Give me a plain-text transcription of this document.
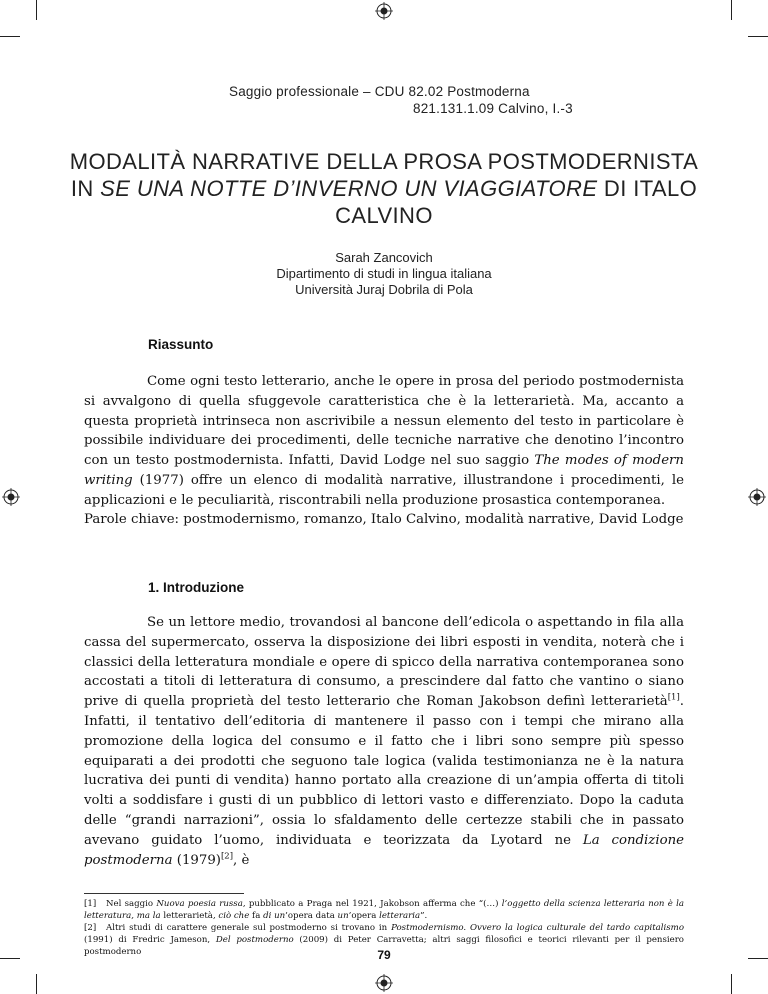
Saggio professionale – CDU 82.02 Postmoderna
821.131.1.09 Calvino, I.-3
MODALITÀ NARRATIVE DELLA PROSA POSTMODERNISTA IN SE UNA NOTTE D’INVERNO UN VIAGGIATORE DI ITALO CALVINO
Sarah Zancovich
Dipartimento di studi in lingua italiana
Università Juraj Dobrila di Pola
Riassunto

Come ogni testo letterario, anche le opere in prosa del periodo postmodernista si avvalgono di quella sfuggevole caratteristica che è la letterarietà. Ma, accanto a questa proprietà intrinseca non ascrivibile a nessun elemento del testo in particolare è possibile individuare dei procedimenti, delle tecniche narrative che denotino l’incontro con un testo postmodernista. Infatti, David Lodge nel suo saggio The modes of modern writing (1977) offre un elenco di modalità narrative, illustrandone i procedimenti, le applicazioni e le peculiarità, riscontrabili nella produzione prosastica contemporanea.

Parole chiave: postmodernismo, romanzo, Italo Calvino, modalità narrative, David Lodge

1. Introduzione

Se un lettore medio, trovandosi al bancone dell’edicola o aspettando in fila alla cassa del supermercato, osserva la disposizione dei libri esposti in vendita, noterà che i classici della letteratura mondiale e opere di spicco della narrativa contemporanea sono accostati a titoli di letteratura di consumo, a prescindere dal fatto che vantino o siano prive di quella proprietà del testo letterario che Roman Jakobson definì letterarietà[1]. Infatti, il tentativo dell’editoria di mantenere il passo con i tempi che mirano alla promozione della logica del consumo e il fatto che i libri sono sempre più spesso equiparati a dei prodotti che seguono tale logica (valida testimonianza ne è la natura lucrativa dei punti di vendita) hanno portato alla creazione di un’ampia offerta di titoli volti a soddisfare i gusti di un pubblico di lettori vasto e differenziato. Dopo la caduta delle “grandi narrazioni”, ossia lo sfaldamento delle certezze stabili che in passato avevano guidato l’uomo, individuata e teorizzata da Lyotard ne La condizione postmoderna (1979)[2], è

[1] Nel saggio Nuova poesia russa, pubblicato a Praga nel 1921, Jakobson afferma che “(…) l’oggetto della scienza letteraria non è la letteratura, ma la letterarietà, ciò che fa di un’opera data un’opera letteraria”.

[2] Altri studi di carattere generale sul postmoderno si trovano in Postmodernismo. Ovvero la logica culturale del tardo capitalismo (1991) di Fredric Jameson, Del postmoderno (2009) di Peter Carravetta; altri saggi filosofici e teorici rilevanti per il pensiero postmoderno	79
